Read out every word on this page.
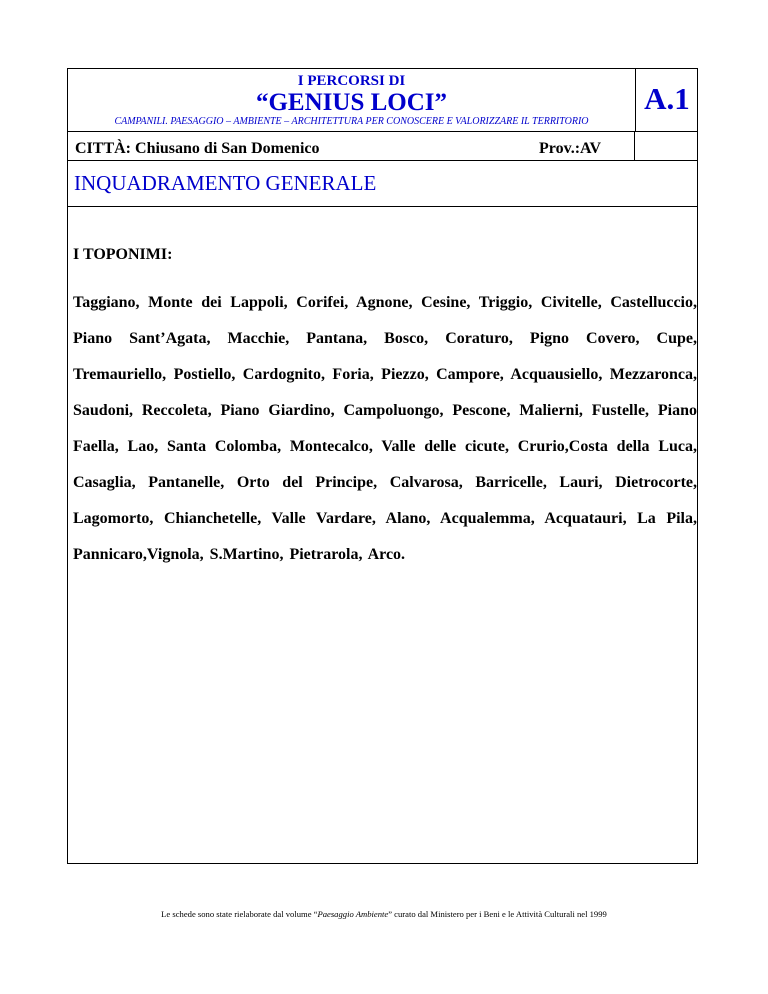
I PERCORSI DI
“GENIUS LOCI”
CAMPANILI. PAESAGGIO – AMBIENTE – ARCHITETTURA PER CONOSCERE E VALORIZZARE IL TERRITORIO
A.1
CITTÀ: Chiusano di San Domenico	Prov.:AV
INQUADRAMENTO GENERALE

I TOPONIMI:

Taggiano, Monte dei Lappoli, Corifei, Agnone, Cesine, Triggio, Civitelle, Castelluccio, Piano Sant’Agata, Macchie, Pantana, Bosco, Coraturo, Pigno Covero, Cupe, Tremauriello, Postiello, Cardognito, Foria, Piezzo, Campore, Acquausiello, Mezzaronca, Saudoni, Reccoleta, Piano Giardino, Campoluongo, Pescone, Malierni, Fustelle, Piano Faella, Lao, Santa Colomba, Montecalco, Valle delle cicute, Crurio,Costa della Luca, Casaglia, Pantanelle, Orto del Principe, Calvarosa, Barricelle, Lauri, Dietrocorte, Lagomorto, Chianchetelle, Valle Vardare, Alano, Acqualemma, Acquatauri, La Pila, Pannicaro,Vignola, S.Martino, Pietrarola, Arco.

Le schede sono state rielaborate dal volume “Paesaggio Ambiente” curato dal Ministero per i Beni e le Attività Culturali nel 1999
